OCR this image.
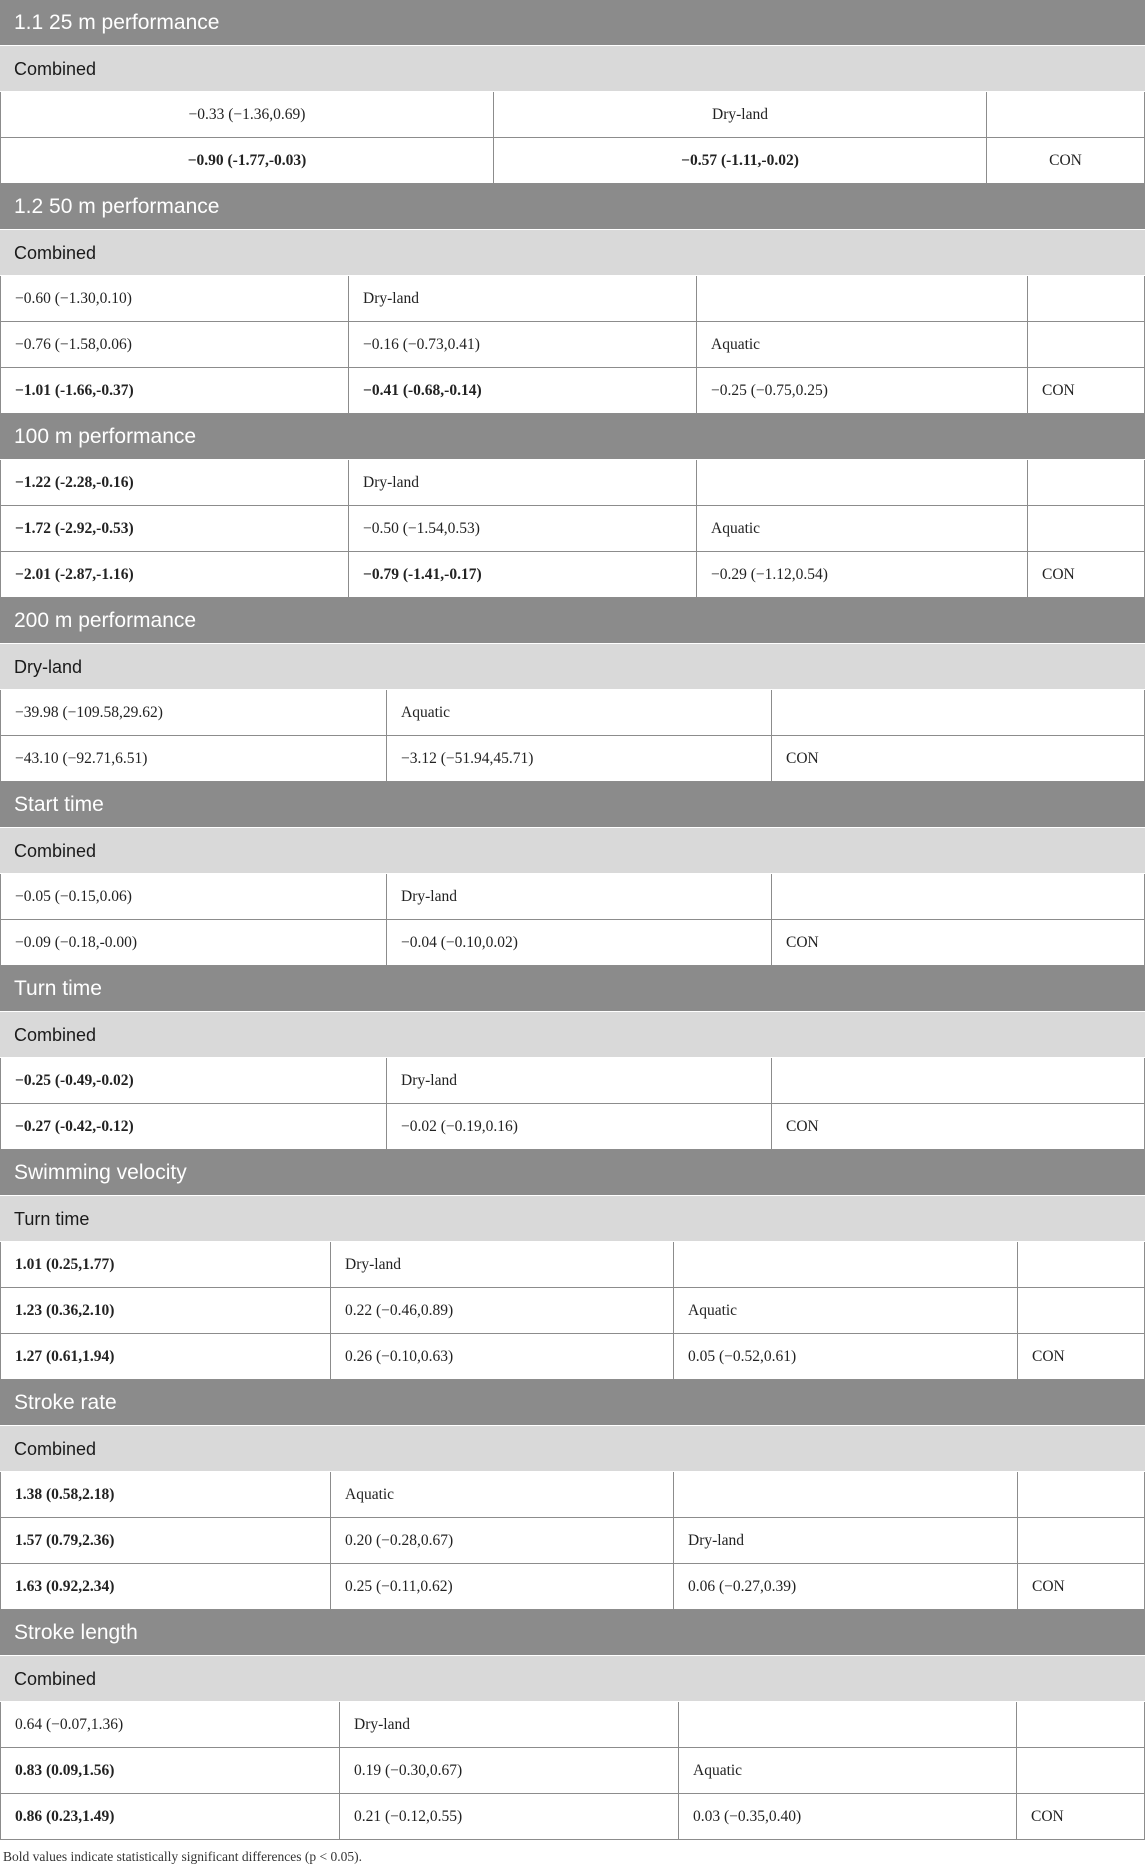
1.1 25 m performance
Combined
−0.33 (−1.36,0.69)	Dry-land
−0.90 (-1.77,-0.03)	−0.57 (-1.11,-0.02)	CON
1.2 50 m performance
Combined
−0.60 (−1.30,0.10)	Dry-land
−0.76 (−1.58,0.06)	−0.16 (−0.73,0.41)	Aquatic
−1.01 (-1.66,-0.37)	−0.41 (-0.68,-0.14)	−0.25 (−0.75,0.25)	CON
100 m performance
−1.22 (-2.28,-0.16)	Dry-land
−1.72 (-2.92,-0.53)	−0.50 (−1.54,0.53)	Aquatic
−2.01 (-2.87,-1.16)	−0.79 (-1.41,-0.17)	−0.29 (−1.12,0.54)	CON
200 m performance
Dry-land
−39.98 (−109.58,29.62)	Aquatic
−43.10 (−92.71,6.51)	−3.12 (−51.94,45.71)	CON
Start time
Combined
−0.05 (−0.15,0.06)	Dry-land
−0.09 (−0.18,-0.00)	−0.04 (−0.10,0.02)	CON
Turn time
Combined
−0.25 (-0.49,-0.02)	Dry-land
−0.27 (-0.42,-0.12)	−0.02 (−0.19,0.16)	CON
Swimming velocity
Turn time
1.01 (0.25,1.77)	Dry-land
1.23 (0.36,2.10)	0.22 (−0.46,0.89)	Aquatic
1.27 (0.61,1.94)	0.26 (−0.10,0.63)	0.05 (−0.52,0.61)	CON
Stroke rate
Combined
1.38 (0.58,2.18)	Aquatic
1.57 (0.79,2.36)	0.20 (−0.28,0.67)	Dry-land
1.63 (0.92,2.34)	0.25 (−0.11,0.62)	0.06 (−0.27,0.39)	CON
Stroke length
Combined
0.64 (−0.07,1.36)	Dry-land
0.83 (0.09,1.56)	0.19 (−0.30,0.67)	Aquatic
0.86 (0.23,1.49)	0.21 (−0.12,0.55)	0.03 (−0.35,0.40)	CON
Bold values indicate statistically significant differences (p < 0.05).
